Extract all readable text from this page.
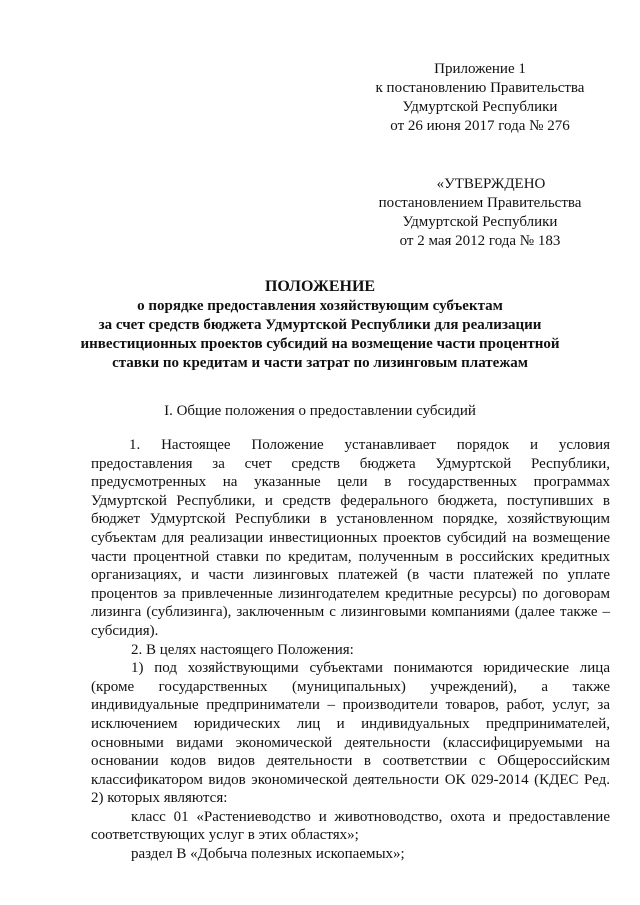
Приложение 1
к постановлению Правительства
Удмуртской Республики
от 26 июня 2017 года № 276
«УТВЕРЖДЕНО
постановлением Правительства
Удмуртской Республики
от 2 мая 2012 года № 183
ПОЛОЖЕНИЕ
о порядке предоставления хозяйствующим субъектам
за счет средств бюджета Удмуртской Республики для реализации
инвестиционных проектов субсидий на возмещение части процентной
ставки по кредитам и части затрат по лизинговым платежам
I. Общие положения о предоставлении субсидий

1. Настоящее Положение устанавливает порядок и условия предоставления за счет средств бюджета Удмуртской Республики, предусмотренных на указанные цели в государственных программах Удмуртской Республики, и средств федерального бюджета, поступивших в бюджет Удмуртской Республики в установленном порядке, хозяйствующим субъектам для реализации инвестиционных проектов субсидий на возмещение части процентной ставки по кредитам, полученным в российских кредитных организациях, и части лизинговых платежей (в части платежей по уплате процентов за привлеченные лизингодателем кредитные ресурсы) по договорам лизинга (сублизинга), заключенным с лизинговыми компаниями (далее также – субсидия).

2. В целях настоящего Положения:

1) под хозяйствующими субъектами понимаются юридические лица (кроме государственных (муниципальных) учреждений), а также индивидуальные предприниматели – производители товаров, работ, услуг, за исключением юридических лиц и индивидуальных предпринимателей, основными видами экономической деятельности (классифицируемыми на основании кодов видов деятельности в соответствии с Общероссийским классификатором видов экономической деятельности ОК 029-2014 (КДЕС Ред. 2) которых являются:

класс 01 «Растениеводство и животноводство, охота и предоставление соответствующих услуг в этих областях»;

раздел В «Добыча полезных ископаемых»;
